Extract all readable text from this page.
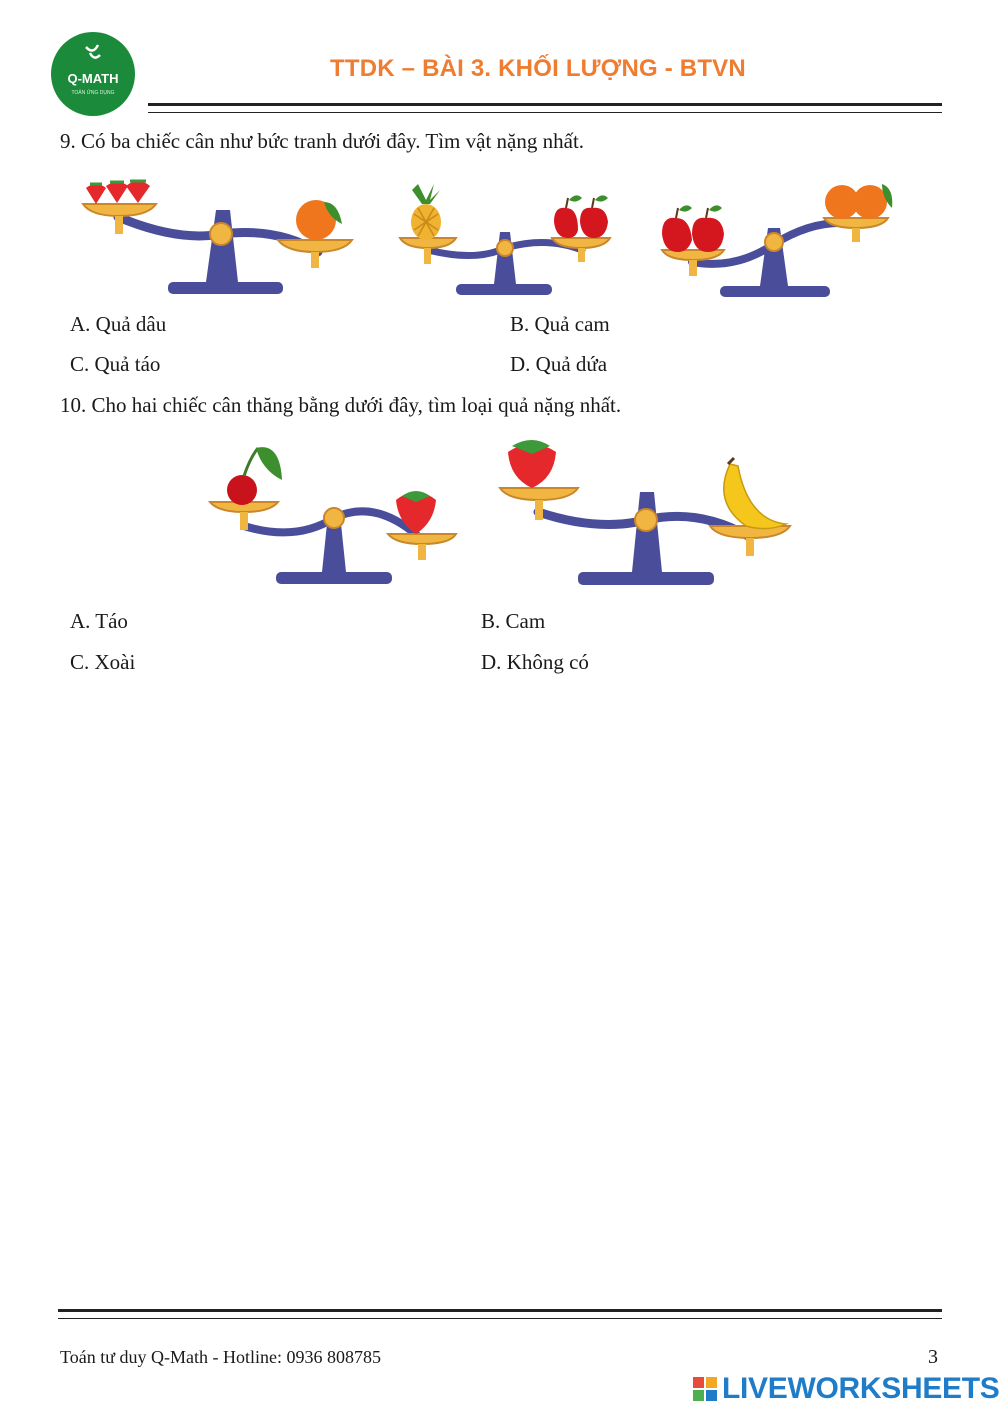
Q-MATH
TOÁN ỨNG DỤNG
TTDK – BÀI 3. KHỐI LƯỢNG - BTVN
9. Có ba chiếc cân như bức tranh dưới đây. Tìm vật nặng nhất.
A. Quả dâu	B. Quả cam
C. Quả táo	D. Quả dứa
10. Cho hai chiếc cân thăng bằng dưới đây, tìm loại quả nặng nhất.
A. Táo	B. Cam
C. Xoài	D. Không có
Toán tư duy Q-Math - Hotline: 0936 808785	3
LIVEWORKSHEETS
